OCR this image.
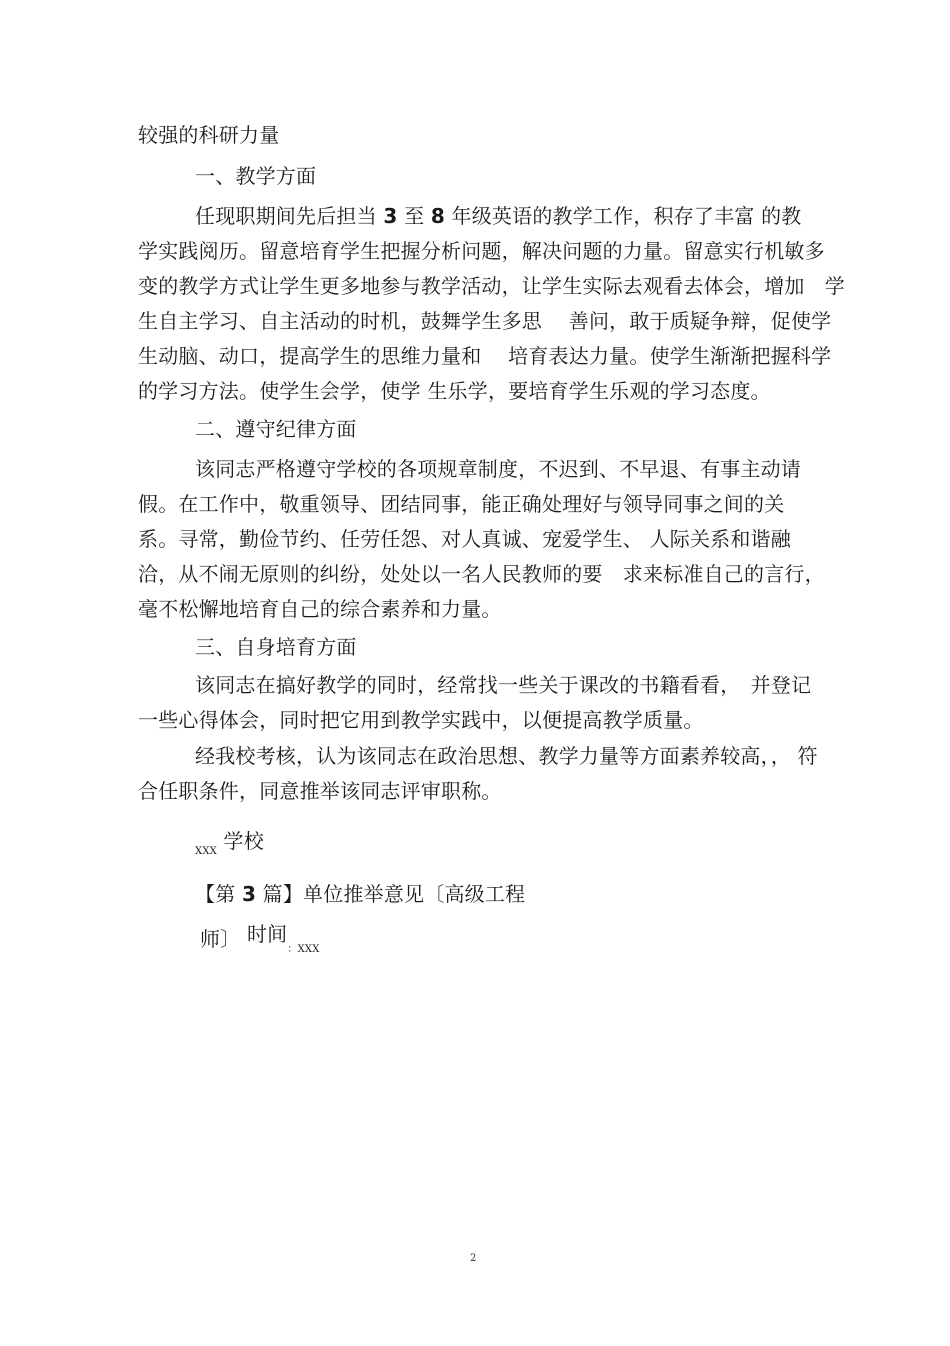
较强的科研力量
一、教学方面
任现职期间先后担当 3 至 8 年级英语的教学工作，积存了丰富 的教
学实践阅历。留意培育学生把握分析问题，解决问题的力量。留意实行机敏多
变的教学方式让学生更多地参与教学活动，让学生实际去观看去体会，增加　学
生自主学习、自主活动的时机，鼓舞学生多思　 善问，敢于质疑争辩，促使学
生动脑、动口，提高学生的思维力量和　 培育表达力量。使学生渐渐把握科学
的学习方法。使学生会学，使学 生乐学，要培育学生乐观的学习态度。
二、遵守纪律方面
该同志严格遵守学校的各项规章制度，不迟到、不早退、有事主动请
假。在工作中，敬重领导、团结同事，能正确处理好与领导同事之间的关
系。寻常，勤俭节约、任劳任怨、对人真诚、宠爱学生、 人际关系和谐融
洽，从不闹无原则的纠纷，处处以一名人民教师的要　求来标准自己的言行，
毫不松懈地培育自己的综合素养和力量。
三、自身培育方面
该同志在搞好教学的同时，经常找一些关于课改的书籍看看，　并登记
一些心得体会，同时把它用到教学实践中，以便提高教学质量。
经我校考核，认为该同志在政治思想、教学力量等方面素养较高，， 符
合任职条件，同意推举该同志评审职称。
$_{XXX}$ 学校
【第 3 篇】单位推举意见〔高级工程
师〕 时间$_{:XXX}$
2
